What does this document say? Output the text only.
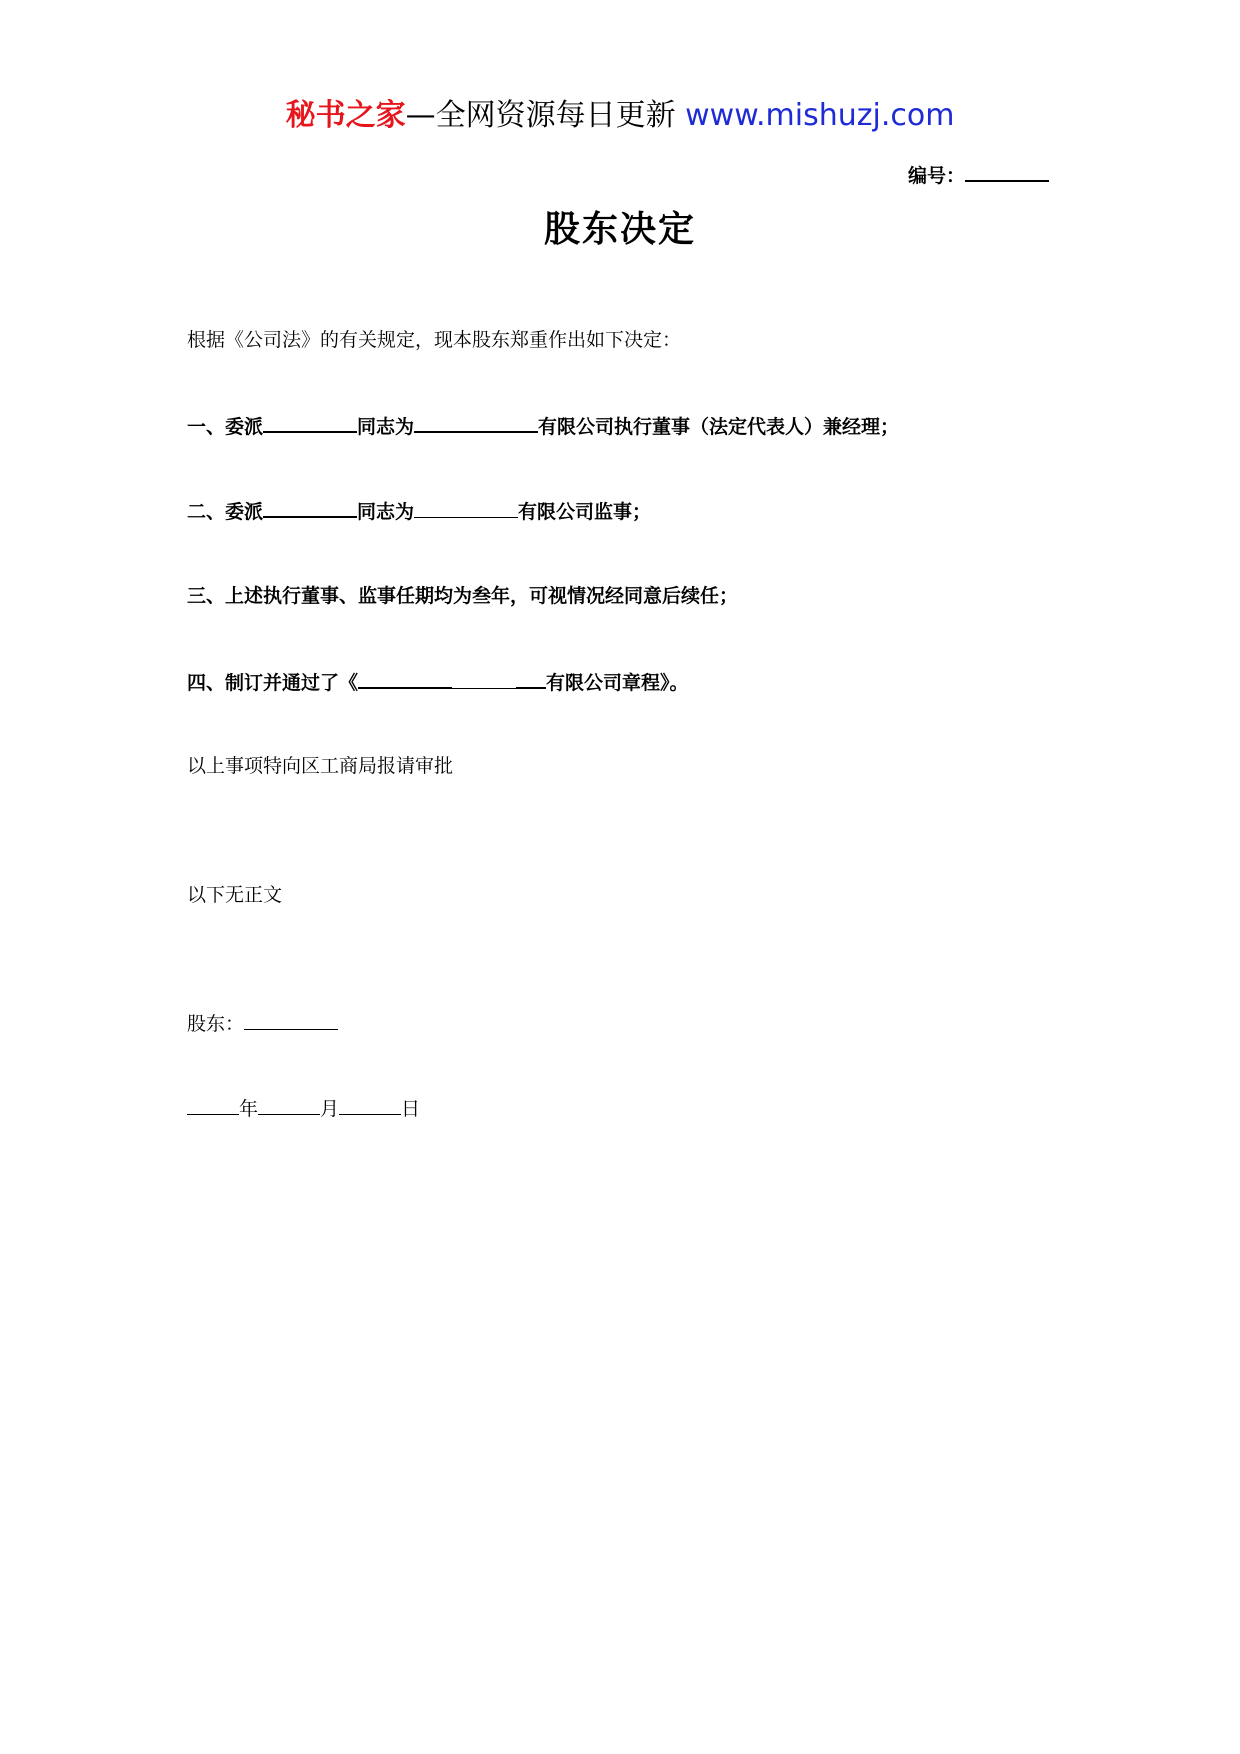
秘书之家—全网资源每日更新 www.mishuzj.com
编号：
股东决定
根据《公司法》的有关规定，现本股东郑重作出如下决定：
一、委派	同志为	有限公司执行董事（法定代表人）兼经理；
二、委派	同志为	有限公司监事；
三、上述执行董事、监事任期均为叁年，可视情况经同意后续任；
四、制订并通过了《	有限公司章程》。
以上事项特向区工商局报请审批
以下无正文
股东：
年	月	日
